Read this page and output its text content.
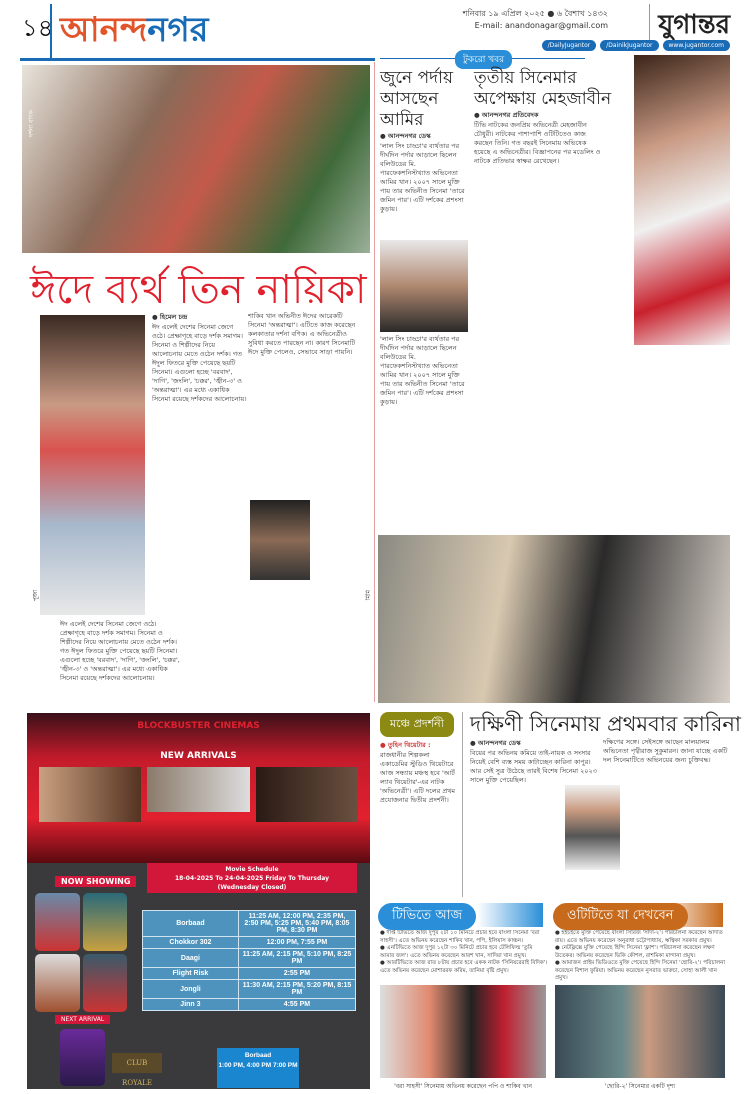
১৪ আনন্দনগর	শনিবার ১৯ এপ্রিল ২০২৫ ● ৬ বৈশাখ ১৪৩২
E-mail: anandonagar@gmail.com	যুগান্তর
/DailyJugantor	/DainikJugantor	www.jugantor.com
দর্শনা বণিক
ঈদে ব্যর্থ তিন নায়িকা
● হিমেল চন্দ্র
ঈদ এলেই দেশের সিনেমা জেগে ওঠে। প্রেক্ষাগৃহে বাড়ে দর্শক সমাগম। সিনেমা ও শিল্পীদের নিয়ে আলোচনায় মেতে ওঠেন দর্শক। গত ঈদুল ফিতরে মুক্তি পেয়েছে ছয়টি সিনেমা। এগুলো হচ্ছে 'বরবাদ', 'দাগি', 'জংলি', 'চক্কর', 'জ্বীন-৩' ও 'অন্তরাত্মা'। এর মধ্যে একাধিক সিনেমা রয়েছে দর্শকদের আলোচনায়।
শাকিব খান অভিনীত ঈদের আরেকটি সিনেমা 'অন্তরাত্মা'। এটিতে কাজ করেছেন কলকাতার দর্শনা বণিক। এ অভিনেত্রীও সুবিধা করতে পারছেন না। কারণ সিনেমাটি ঈদে মুক্তি পেলেও, সেভাবে সাড়া পায়নি।
মিমি
পূজা
ঈদ এলেই দেশের সিনেমা জেগে ওঠে। প্রেক্ষাগৃহে বাড়ে দর্শক সমাগম। সিনেমা ও শিল্পীদের নিয়ে আলোচনায় মেতে ওঠেন দর্শক। গত ঈদুল ফিতরে মুক্তি পেয়েছে ছয়টি সিনেমা। এগুলো হচ্ছে 'বরবাদ', 'দাগি', 'জংলি', 'চক্কর', 'জ্বীন-৩' ও 'অন্তরাত্মা'। এর মধ্যে একাধিক সিনেমা রয়েছে দর্শকদের আলোচনায়।
টুকরো খবর
জুনে পর্দায় আসছেন আমির
● আনন্দনগর ডেস্ক
'লাল সিং চাড্ডা'র ব্যর্থতার পর দীর্ঘদিন পর্দার আড়ালে ছিলেন বলিউডের মি. পারফেকশনিস্টখ্যাত অভিনেতা আমির খান। ২০০৭ সালে মুক্তি পায় তার অভিনীত সিনেমা 'তারে জমিন পার'। এটি দর্শকের প্রশংসা কুড়ায়।
'লাল সিং চাড্ডা'র ব্যর্থতার পর দীর্ঘদিন পর্দার আড়ালে ছিলেন বলিউডের মি. পারফেকশনিস্টখ্যাত অভিনেতা আমির খান। ২০০৭ সালে মুক্তি পায় তার অভিনীত সিনেমা 'তারে জমিন পার'। এটি দর্শকের প্রশংসা কুড়ায়।
তৃতীয় সিনেমার অপেক্ষায় মেহজাবীন
● আনন্দনগর প্রতিবেদক
টিভি নাটকের জনপ্রিয় অভিনেত্রী মেহজাবীন চৌধুরী। নাটকের পাশাপাশি ওটিটিতেও কাজ করছেন তিনি। গত বছরই সিনেমায় অভিষেক হয়েছে এ অভিনেত্রীর। বিজ্ঞাপনের পর মডেলিং ও নাটকে প্রতিভার স্বাক্ষর রেখেছেন।
BLOCKBUSTER CINEMAS
NEW ARRIVALS
Movie Schedule
18-04-2025 To 24-04-2025 Friday To Thursday
(Wednesday Closed)
NOW SHOWING
NEXT ARRIVAL
CLUB ROYALE
Borbaad	11:25 AM, 12:00 PM, 2:35 PM, 2:50 PM, 5:25 PM, 5:40 PM, 8:05 PM, 8:30 PM
Chokkor 302	12:00 PM, 7:55 PM
Daagi	11:25 AM, 2:15 PM, 5:10 PM, 8:25 PM
Flight Risk	2:55 PM
Jongli	11:30 AM, 2:15 PM, 5:20 PM, 8:15 PM
Jinn 3	4:55 PM
Borbaad
1:00 PM, 4:00 PM 7:00 PM
মঞ্চে প্রদর্শনী
● তুহিন থিয়েটার :
রাজধানীর শিল্পকলা একাডেমির স্টুডিও থিয়েটারে আজ সন্ধ্যায় মঞ্চস্থ হবে 'আর্ট ল্যাব থিয়েটার'-এর নাটক 'অভিনেত্রী'। এটি দলের প্রথম প্রযোজনার দ্বিতীয় প্রদর্শনী।
দক্ষিণী সিনেমায় প্রথমবার কারিনা
● আনন্দনগর ডেস্ক
বিয়ের পর অভিনয় কমিয়ে তাই-নায়ক ও সংসার নিয়েই বেশি ব্যস্ত সময় কাটাচ্ছেন কারিনা কাপুর। আর সেই সুত্র উঠেছে তারই বিশেষ সিনেমা ২০২৩ সালে মুক্তি পেয়েছিল।
দক্ষিণের সঙ্গে। সেইসঙ্গে আছেন মালয়ালম অভিনেতা পৃথ্বীরাজ সুকুমারন। জানা যাচ্ছে একটি দল সিনেমাটিতে অভিনয়ের জন্য চুক্তিবদ্ধ।
টিভিতে আজ
● দীপ্ত টিভিতে আজ দুপুর ২টা ১০ মিনিটে প্রচার হবে বাংলা সিনেমা 'বরা সাহসী'। এতে অভিনয় করেছেন শাকিব খান, পপি, ইলিয়াস কাঞ্চন।
● এনটিভিতে আজ দুপুর ১২টা ৩০ মিনিটে প্রচার হবে টেলিফিল্ম 'তুমি আমার জল'। এতে অভিনয় করেছেন আরশ খান, সাদিয়া খান প্রমুখ।
● আরটিভিতে আজ রাত ৮টায় প্রচার হবে একক নাটক 'সিনিয়রেরাই বিদিক'। এতে অভিনয় করেছেন মোশাররফ করিম, তানিয়া বৃষ্টি প্রমুখ।
'বরা সাহসী' সিনেমায় অভিনয় করেছেন পপি ও শাকিব খান
ওটিটিতে যা দেখবেন
● হইচইতে মুক্তি পেয়েছে বাংলা সিরিজ 'সাদা-২'। পরিচালনা করেছেন অদিতি রায়। এতে অভিনয় করেছেন অনুরাধা চট্টোপাধ্যায়, ঋত্বিকা সরকার প্রমুখ।
● নেটফ্লিক্সে মুক্তি পেয়েছে হিন্দি সিনেমা 'ফ্লাশ'। পরিচালনা করেছেন লক্ষণ উতেকর। অভিনয় করেছেন ভিকি কৌশল, রাশমিকা মান্দানা প্রমুখ।
● আমাজন প্রাইম ভিডিওতে মুক্তি পেয়েছে হিন্দি সিনেমা 'ছোরি-২'। পরিচালনা করেছেন বিশাল ফুরিয়া। অভিনয় করেছেন নুসরাত ভারুচা, সোহা আলী খান প্রমুখ।
'ছোরি-২' সিনেমার একটি দৃশ্য
